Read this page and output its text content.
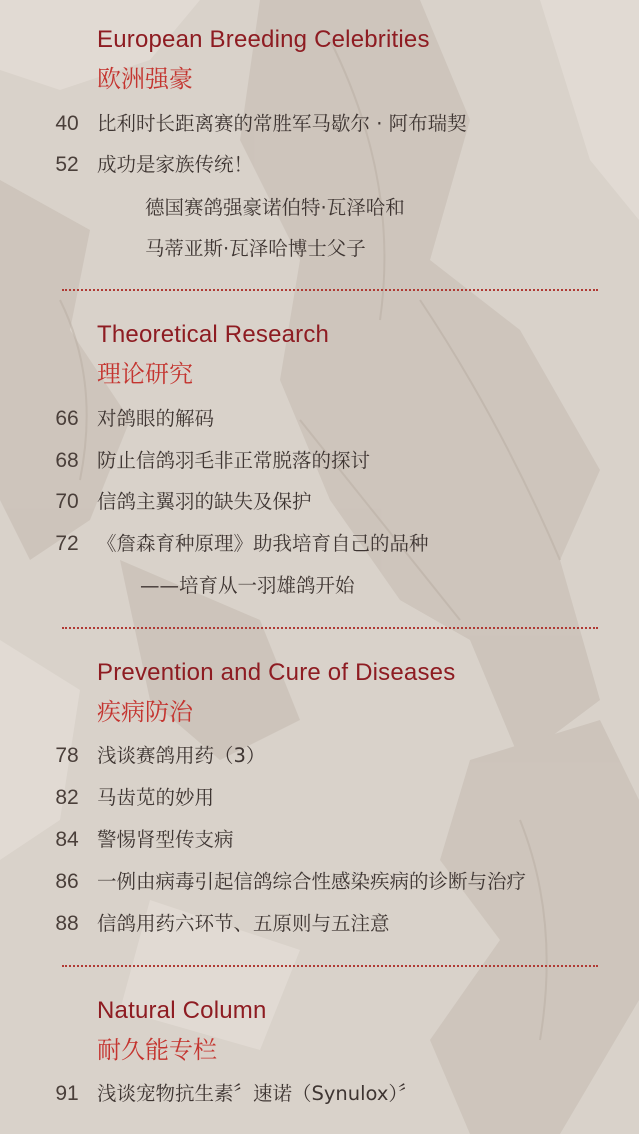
European Breeding Celebrities
欧洲强豪
40 比利时长距离赛的常胜军马歇尔 · 阿布瑞契
52 成功是家族传统！
德国赛鸽强豪诺伯特·瓦泽哈和
马蒂亚斯·瓦泽哈博士父子
Theoretical Research
理论研究
66 对鸽眼的解码
68 防止信鸽羽毛非正常脱落的探讨
70 信鸽主翼羽的缺失及保护
72 《詹森育种原理》助我培育自己的品种
——培育从一羽雄鸽开始
Prevention and Cure of Diseases
疾病防治
78 浅谈赛鸽用药（3）
82 马齿苋的妙用
84 警惕肾型传支病
86 一例由病毒引起信鸽综合性感染疾病的诊断与治疗
88 信鸽用药六环节、五原则与五注意
Natural Column
耐久能专栏
91 浅谈宠物抗生素〞速诺（Synulox）〞
